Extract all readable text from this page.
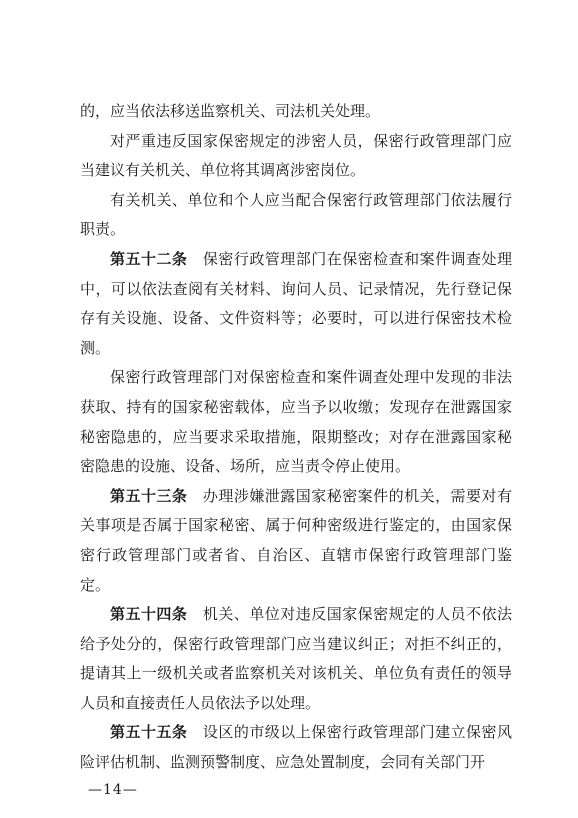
的，应当依法移送监察机关、司法机关处理。

对严重违反国家保密规定的涉密人员，保密行政管理部门应当建议有关机关、单位将其调离涉密岗位。

有关机关、单位和个人应当配合保密行政管理部门依法履行职责。

第五十二条　保密行政管理部门在保密检查和案件调查处理中，可以依法查阅有关材料、询问人员、记录情况，先行登记保存有关设施、设备、文件资料等；必要时，可以进行保密技术检测。

保密行政管理部门对保密检查和案件调查处理中发现的非法获取、持有的国家秘密载体，应当予以收缴；发现存在泄露国家秘密隐患的，应当要求采取措施，限期整改；对存在泄露国家秘密隐患的设施、设备、场所，应当责令停止使用。

第五十三条　办理涉嫌泄露国家秘密案件的机关，需要对有关事项是否属于国家秘密、属于何种密级进行鉴定的，由国家保密行政管理部门或者省、自治区、直辖市保密行政管理部门鉴定。

第五十四条　机关、单位对违反国家保密规定的人员不依法给予处分的，保密行政管理部门应当建议纠正；对拒不纠正的，提请其上一级机关或者监察机关对该机关、单位负有责任的领导人员和直接责任人员依法予以处理。

第五十五条　设区的市级以上保密行政管理部门建立保密风险评估机制、监测预警制度、应急处置制度，会同有关部门开

—14—
